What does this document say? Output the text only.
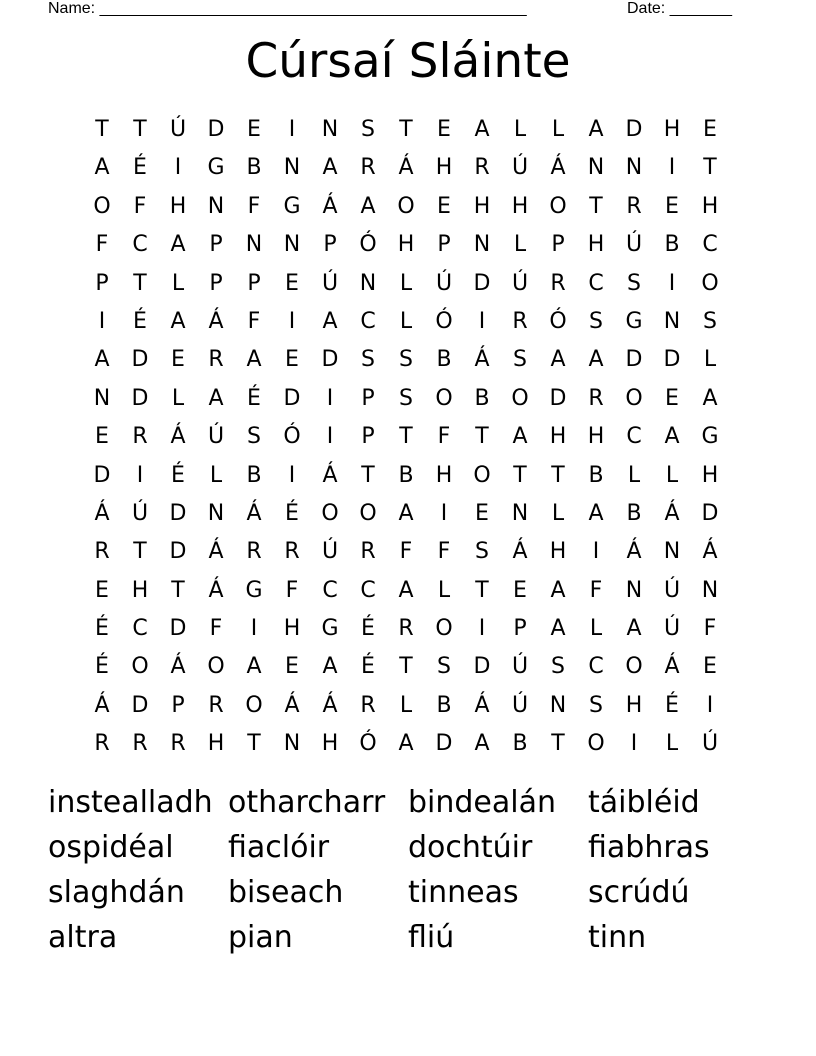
Name: ________________________________________________	Date: _______
Cúrsaí Sláinte
T	T	Ú D	E	I	N	S	T	E	A	L	L	A D H	E
A	É	I	G B	N	A	R	Á	H	R	Ú	Á	N N	I	T
O	F	H N	F	G Á	A O	E	H H O	T	R	E	H
F	C	A	P	N N	P	Ó H	P	N	L	P	H Ú	B	C
P	T	L	P	P	E	Ú N	L	Ú D Ú	R	C	S	I	O
I	É	A	Á	F	I	A	C	L	Ó	I	R Ó	S	G N	S
A D	E	R	A	E	D	S	S	B	Á	S	A	A D D	L
N D	L	A	É	D	I	P	S	O B O D R O	E	A
E	R	Á	Ú	S	Ó	I	P	T	F	T	A	H H	C	A G
D	I	É	L	B	I	Á	T	B	H O	T	T	B	L	L	H
Á	Ú D N	Á	É	O O A	I	E	N	L	A	B	Á D
R	T	D	Á	R	R	Ú	R	F	F	S	Á	H	I	Á	N	Á
E	H	T	Á G	F	C	C	A	L	T	E	A	F	N Ú N
É	C D	F	I	H G	É	R O	I	P	A	L	A	Ú	F
É	O Á O A	E	A	É	T	S	D Ú	S	C O Á	E
Á D	P	R O Á	Á	R	L	B	Á	Ú N	S	H	É	I
R	R	R	H	T	N H Ó A D	A	B	T	O	I	L	Ú
instealladh otharcharr bindealán	táibléid
ospidéal	fiaclóir	dochtúir	fiabhras
slaghdán	biseach	tinneas	scrúdú
altra	pian	fliú	tinn
